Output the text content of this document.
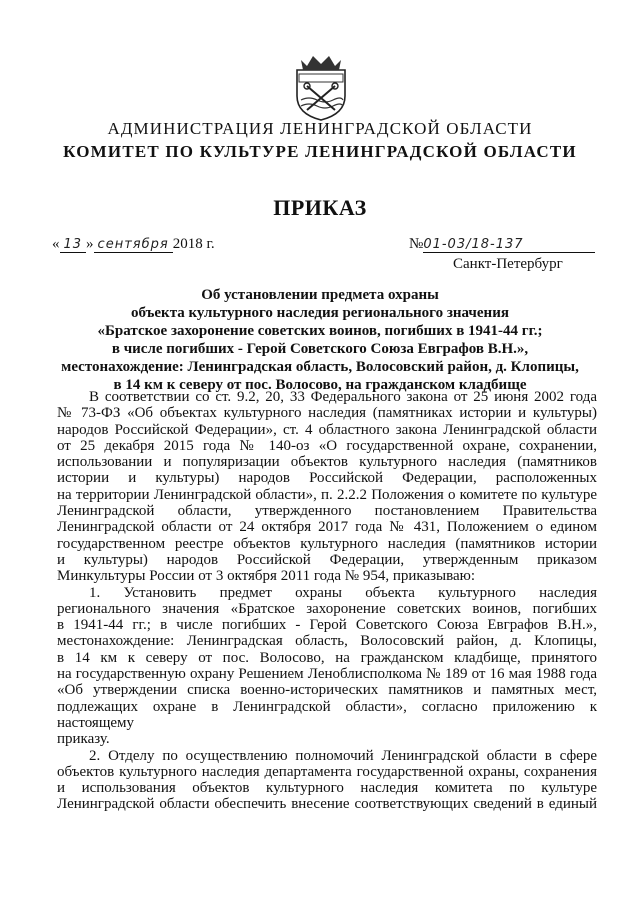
АДМИНИСТРАЦИЯ ЛЕНИНГРАДСКОЙ ОБЛАСТИ
КОМИТЕТ ПО КУЛЬТУРЕ ЛЕНИНГРАДСКОЙ ОБЛАСТИ
ПРИКАЗ
« 13 » сентября 2018 г.	№01-03/18-137
Санкт-Петербург
Об установлении предмета охраны
объекта культурного наследия регионального значения
«Братское захоронение советских воинов, погибших в 1941-44 гг.;
в числе погибших - Герой Советского Союза Евграфов В.Н.»,
местонахождение: Ленинградская область, Волосовский район, д. Клопицы,
в 14 км к северу от пос. Волосово, на гражданском кладбище

В соответствии со ст. 9.2, 20, 33 Федерального закона от 25 июня 2002 года

№ 73-ФЗ «Об объектах культурного наследия (памятниках истории и культуры)

народов Российской Федерации», ст. 4 областного закона Ленинградской области

от 25 декабря 2015 года № 140-оз «О государственной охране, сохранении,

использовании и популяризации объектов культурного наследия (памятников

истории и культуры) народов Российской Федерации, расположенных

на территории Ленинградской области», п. 2.2.2 Положения о комитете по культуре

Ленинградской области, утвержденного постановлением Правительства

Ленинградской области от 24 октября 2017 года № 431, Положением о едином

государственном реестре объектов культурного наследия (памятников истории

и культуры) народов Российской Федерации, утвержденным приказом

Минкультуры России от 3 октября 2011 года № 954, приказываю:

1. Установить предмет охраны объекта культурного наследия

регионального значения «Братское захоронение советских воинов, погибших

в 1941-44 гг.; в числе погибших - Герой Советского Союза Евграфов В.Н.»,

местонахождение: Ленинградская область, Волосовский район, д. Клопицы,

в 14 км к северу от пос. Волосово, на гражданском кладбище, принятого

на государственную охрану Решением Леноблисполкома № 189 от 16 мая 1988 года

«Об утверждении списка военно-исторических памятников и памятных мест,

подлежащих охране в Ленинградской области», согласно приложению к настоящему

приказу.

2. Отделу по осуществлению полномочий Ленинградской области в сфере

объектов культурного наследия департамента государственной охраны, сохранения

и использования объектов культурного наследия комитета по культуре

Ленинградской области обеспечить внесение соответствующих сведений в единый
